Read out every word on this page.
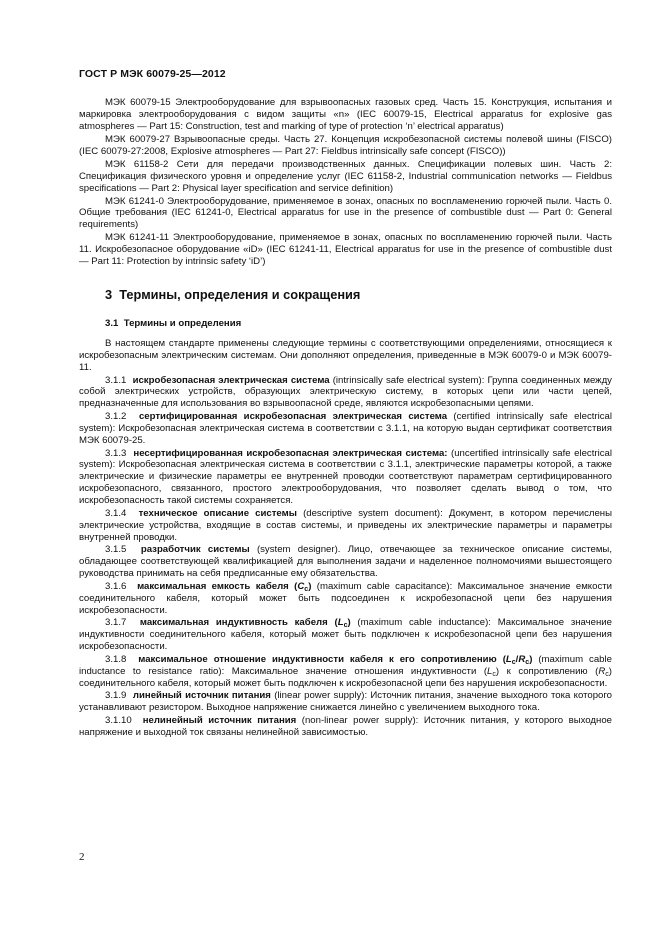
ГОСТ Р МЭК 60079-25—2012

МЭК 60079-15 Электрооборудование для взрывоопасных газовых сред. Часть 15. Конструкция, испытания и маркировка электрооборудования с видом защиты «n» (IEC 60079-15, Electrical apparatus for explosive gas atmospheres — Part 15: Construction, test and marking of type of protection ‘n’ electrical apparatus)

МЭК 60079-27 Взрывоопасные среды. Часть 27. Концепция искробезопасной системы полевой шины (FISCO) (IEC 60079-27:2008, Explosive atmospheres — Part 27: Fieldbus intrinsically safe concept (FISCO))

МЭК 61158-2 Сети для передачи производственных данных. Спецификации полевых шин. Часть 2: Спецификация физического уровня и определение услуг (IEC 61158-2, Industrial communication networks — Fieldbus specifications — Part 2: Physical layer specification and service definition)

МЭК 61241-0 Электрооборудование, применяемое в зонах, опасных по воспламенению горючей пыли. Часть 0. Общие требования (IEC 61241-0, Electrical apparatus for use in the presence of combustible dust — Part 0: General requirements)

МЭК 61241-11 Электрооборудование, применяемое в зонах, опасных по воспламенению горючей пыли. Часть 11. Искробезопасное оборудование «iD» (IEC 61241-11, Electrical apparatus for use in the presence of combustible dust — Part 11: Protection by intrinsic safety ‘iD’)

3 Термины, определения и сокращения
3.1 Термины и определения

В настоящем стандарте применены следующие термины с соответствующими определениями, относящиеся к искробезопасным электрическим системам. Они дополняют определения, приведенные в МЭК 60079-0 и МЭК 60079-11.

3.1.1 искробезопасная электрическая система (intrinsically safe electrical system): Группа соединенных между собой электрических устройств, образующих электрическую систему, в которых цепи или части цепей, предназначенные для использования во взрывоопасной среде, являются искробезопасными цепями.

3.1.2 сертифицированная искробезопасная электрическая система (certified intrinsically safe electrical system): Искробезопасная электрическая система в соответствии с 3.1.1, на которую выдан сертификат соответствия МЭК 60079-25.

3.1.3 несертифицированная искробезопасная электрическая система: (uncertified intrinsically safe electrical system): Искробезопасная электрическая система в соответствии с 3.1.1, электрические параметры которой, а также электрические и физические параметры ее внутренней проводки соответствуют параметрам сертифицированного искробезопасного, связанного, простого электрооборудования, что позволяет сделать вывод о том, что искробезопасность такой системы сохраняется.

3.1.4 техническое описание системы (descriptive system document): Документ, в котором перечислены электрические устройства, входящие в состав системы, и приведены их электрические параметры и параметры внутренней проводки.

3.1.5 разработчик системы (system designer). Лицо, отвечающее за техническое описание системы, обладающее соответствующей квалификацией для выполнения задачи и наделенное полномочиями вышестоящего руководства принимать на себя предписанные ему обязательства.

3.1.6 максимальная емкость кабеля $(C_c)$ (maximum cable capacitance): Максимальное значение емкости соединительного кабеля, который может быть подсоединен к искробезопасной цепи без нарушения искробезопасности.

3.1.7 максимальная индуктивность кабеля $(L_c)$ (maximum cable inductance): Максимальное значение индуктивности соединительного кабеля, который может быть подключен к искробезопасной цепи без нарушения искробезопасности.

3.1.8 максимальное отношение индуктивности кабеля к его сопротивлению $(L_c/R_c)$ (maximum cable inductance to resistance ratio): Максимальное значение отношения индуктивности $(L_c)$ к сопротивлению $(R_c)$ соединительного кабеля, который может быть подключен к искробезопасной цепи без нарушения искробезопасности.

3.1.9 линейный источник питания (linear power supply): Источник питания, значение выходного тока которого устанавливают резистором. Выходное напряжение снижается линейно с увеличением выходного тока.

3.1.10 нелинейный источник питания (non-linear power supply): Источник питания, у которого выходное напряжение и выходной ток связаны нелинейной зависимостью.

2
